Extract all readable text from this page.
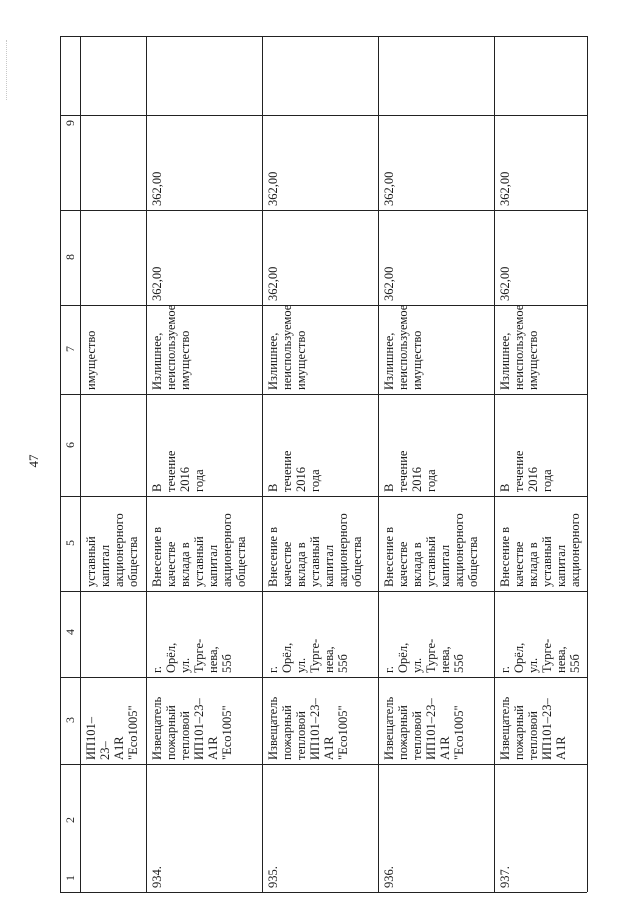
47
1
2
3
4
5
6
7
8
9
имущество
уставный
капитал
акционерного
общества
ИП101–23–
A1R
"Eco1005"
362,00
362,00
Излишнее,
неиспользуемое
имущество
В течение
2016 года
Внесение в
качестве
вклада в
уставный
капитал
акционерного
общества
г. Орёл,
ул. Турге-
нева, 55б
Извещатель
пожарный
тепловой
ИП101–23–
A1R
"Eco1005"
934.
362,00
362,00
Излишнее,
неиспользуемое
имущество
В течение
2016 года
Внесение в
качестве
вклада в
уставный
капитал
акционерного
общества
г. Орёл,
ул. Турге-
нева, 55б
Извещатель
пожарный
тепловой
ИП101–23–
A1R
"Eco1005"
935.
362,00
362,00
Излишнее,
неиспользуемое
имущество
В течение
2016 года
Внесение в
качестве
вклада в
уставный
капитал
акционерного
общества
г. Орёл,
ул. Турге-
нева, 55б
Извещатель
пожарный
тепловой
ИП101–23–
A1R
"Eco1005"
936.
362,00
362,00
Излишнее,
неиспользуемое
имущество
В течение
2016 года
Внесение в
качестве
вклада в
уставный
капитал
акционерного
г. Орёл,
ул. Турге-
нева, 55б
Извещатель
пожарный
тепловой
ИП101–23–
A1R
937.
